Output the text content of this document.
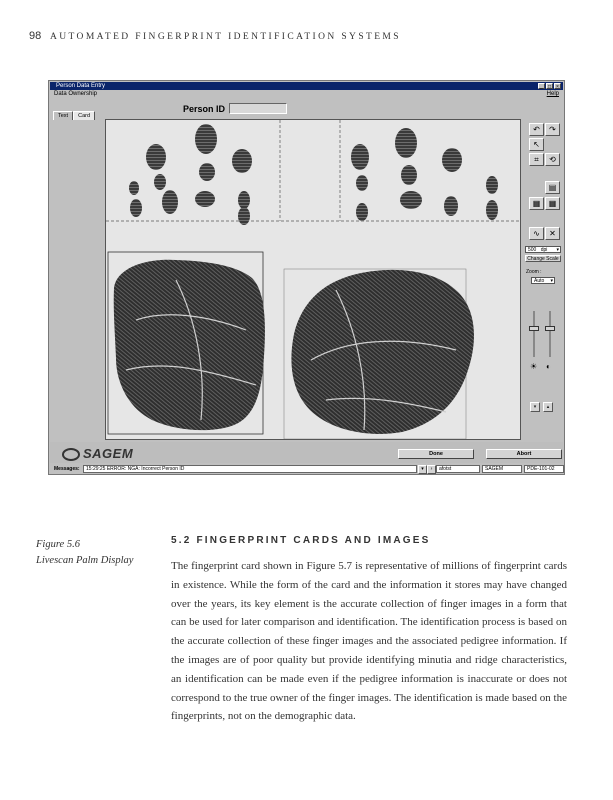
98 AUTOMATED FINGERPRINT IDENTIFICATION SYSTEMS
Person Data Entry	_	□	×
Data Ownership	Help
Person ID
Text	Card
↶	↷
↖
⌗	⟲
▤
▦	▦
∿	✕
500 dpi ▾
Change Scale
Zoom :
Auto ▾
☀ ◐
▾	▴
SAGEM	Done	Abort
Messages:	15:29:25 ERROR: NGA: Incorrect Person ID	▾	›	afotst	SAGEM	PDE-101-02
Figure 5.6
Livescan Palm Display
5.2 FINGERPRINT CARDS AND IMAGES

The fingerprint card shown in Figure 5.7 is representative of millions of fingerprint cards in existence. While the form of the card and the information it stores may have changed over the years, its key element is the accurate collection of finger images in a form that can be used for later comparison and identification. The identification process is based on the accurate collection of these finger images and the associated pedigree information. If the images are of poor quality but provide identifying minutia and ridge characteristics, an identification can be made even if the pedigree information is inaccurate or does not correspond to the true owner of the finger images. The identification is made based on the fingerprints, not on the demographic data.
